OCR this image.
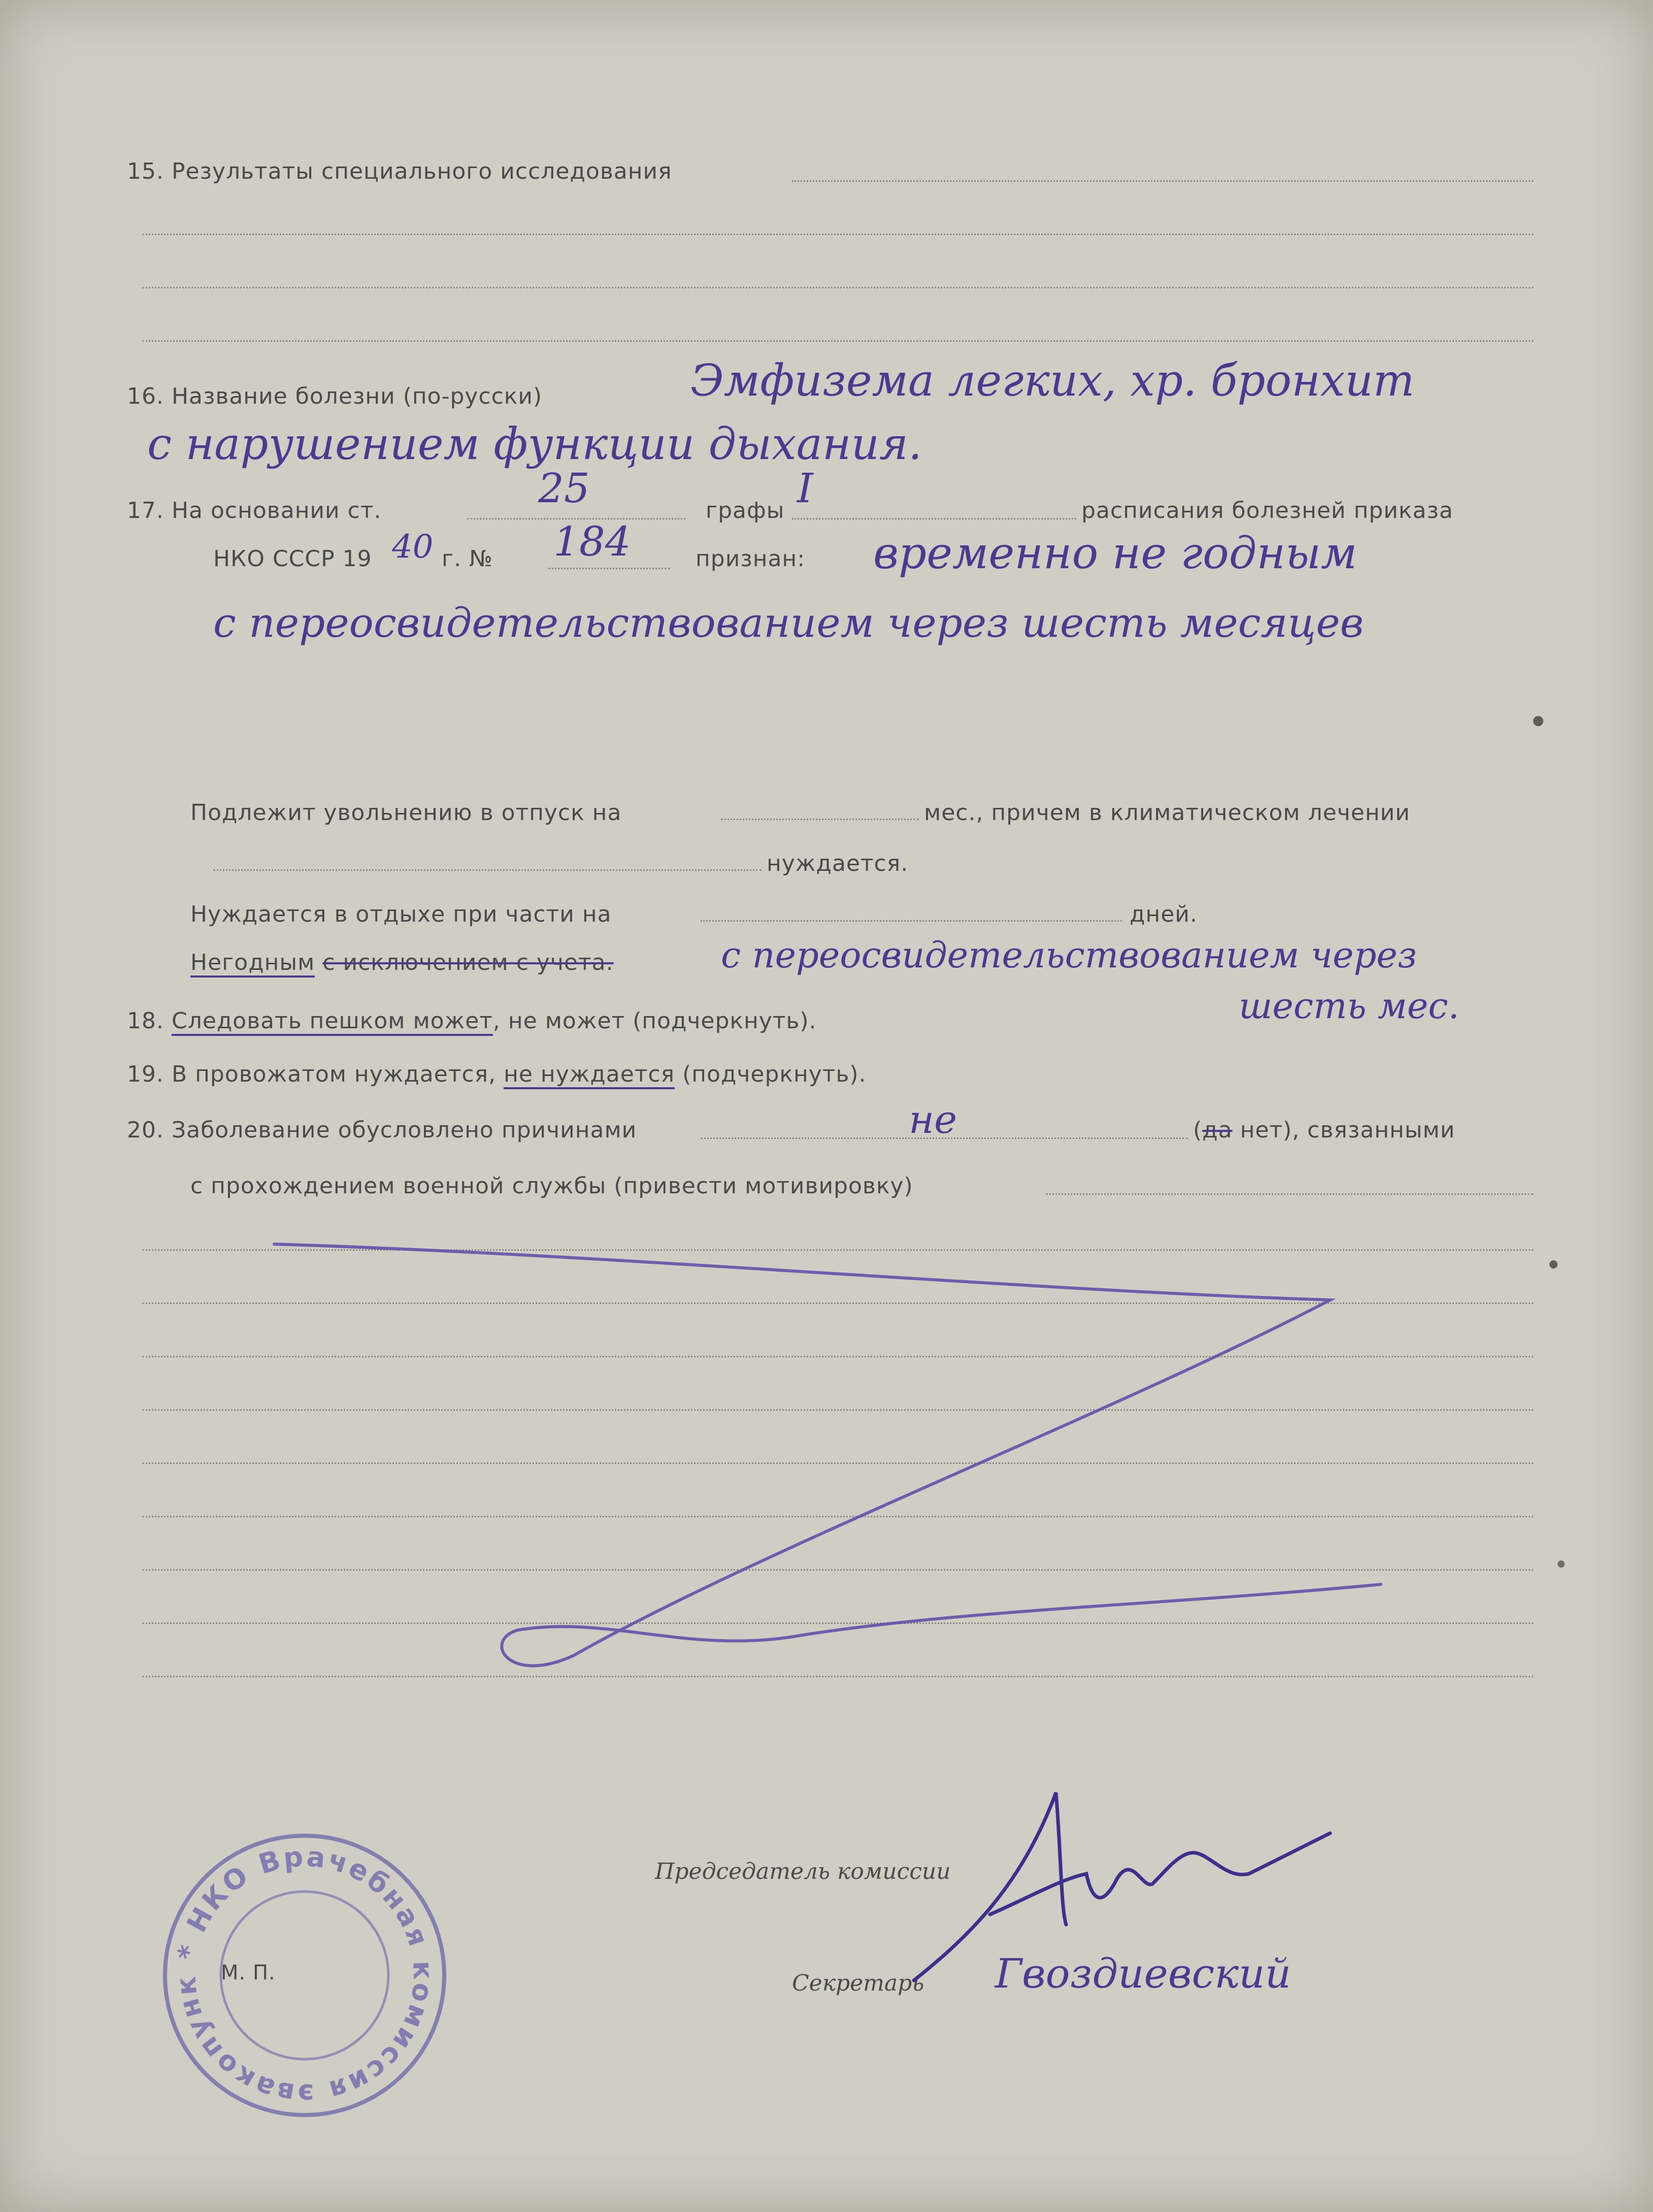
15. Результаты специального исследования
16. Название болезни (по-русски)	Эмфизема легких, хр. бронхит
с нарушением функции дыхания.
17. На основании ст.	25	графы I	расписания болезней приказа
НКО СССР 19 40 г. № 184	признан: временно не годным
с переосвидетельствованием через шесть месяцев
Подлежит увольнению в отпуск на	мес., причем в климатическом лечении
нуждается.
Нуждается в отдыхе при части на	дней.
Негодным с исключением с учета.	с переосвидетельствованием через
шесть мес.
18. Следовать пешком может, не может (подчеркнуть).
19. В провожатом нуждается, не нуждается (подчеркнуть).
20. Заболевание обусловлено причинами	не	(да нет), связанными
с прохождением военной службы (привести мотивировку)
Председатель комиссии
Секретарь Гвоздиевский
* НКО Врачебная комиссия эвакопунк
М. П.
